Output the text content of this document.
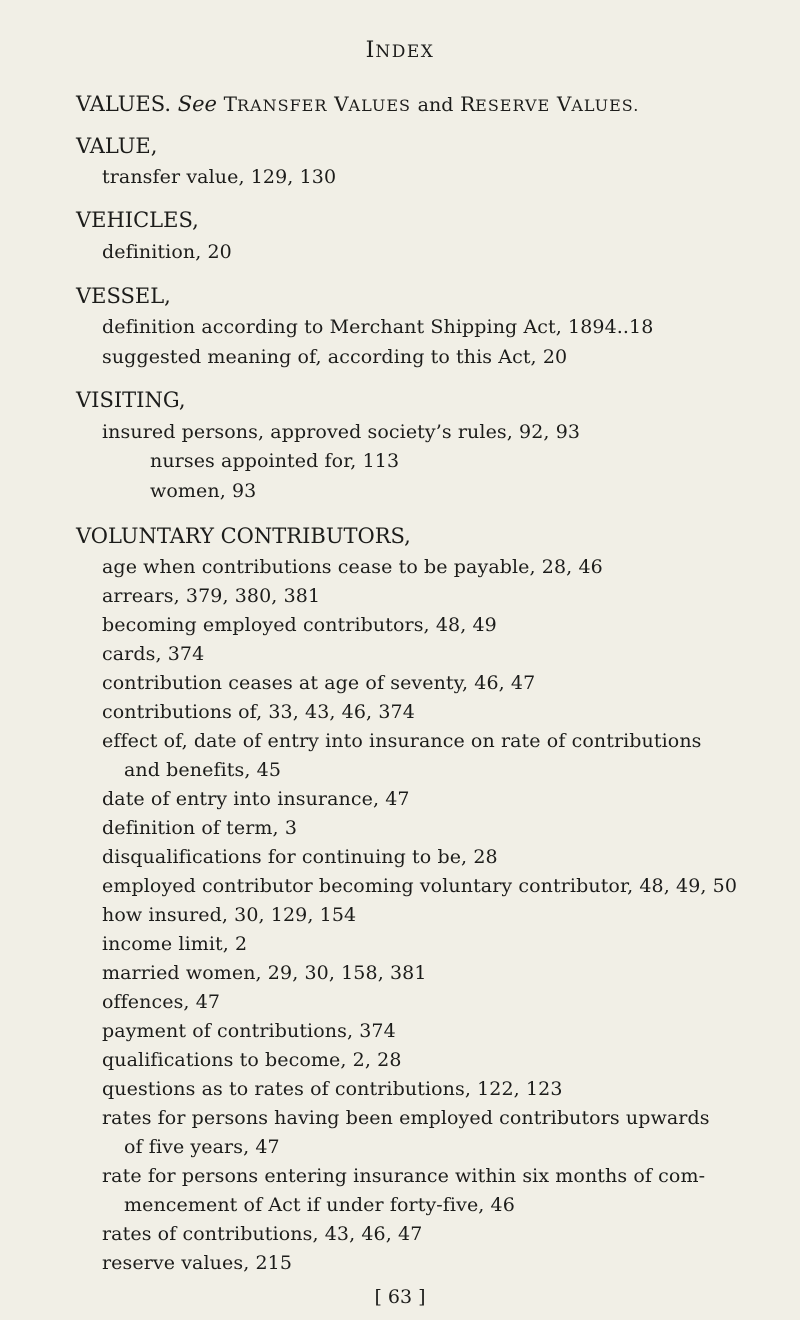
INDEX
VALUES. See TRANSFER VALUES and RESERVE VALUES.
VALUE,
transfer value, 129, 130
VEHICLES,
definition, 20
VESSEL,
definition according to Merchant Shipping Act, 1894..18
suggested meaning of, according to this Act, 20
VISITING,
insured persons, approved society’s rules, 92, 93
nurses appointed for, 113
women, 93
VOLUNTARY CONTRIBUTORS,
age when contributions cease to be payable, 28, 46
arrears, 379, 380, 381
becoming employed contributors, 48, 49
cards, 374
contribution ceases at age of seventy, 46, 47
contributions of, 33, 43, 46, 374
effect of, date of entry into insurance on rate of contributions
and benefits, 45
date of entry into insurance, 47
definition of term, 3
disqualifications for continuing to be, 28
employed contributor becoming voluntary contributor, 48, 49, 50
how insured, 30, 129, 154
income limit, 2
married women, 29, 30, 158, 381
offences, 47
payment of contributions, 374
qualifications to become, 2, 28
questions as to rates of contributions, 122, 123
rates for persons having been employed contributors upwards
of five years, 47
rate for persons entering insurance within six months of com-
mencement of Act if under forty-five, 46
rates of contributions, 43, 46, 47
reserve values, 215
[ 63 ]
